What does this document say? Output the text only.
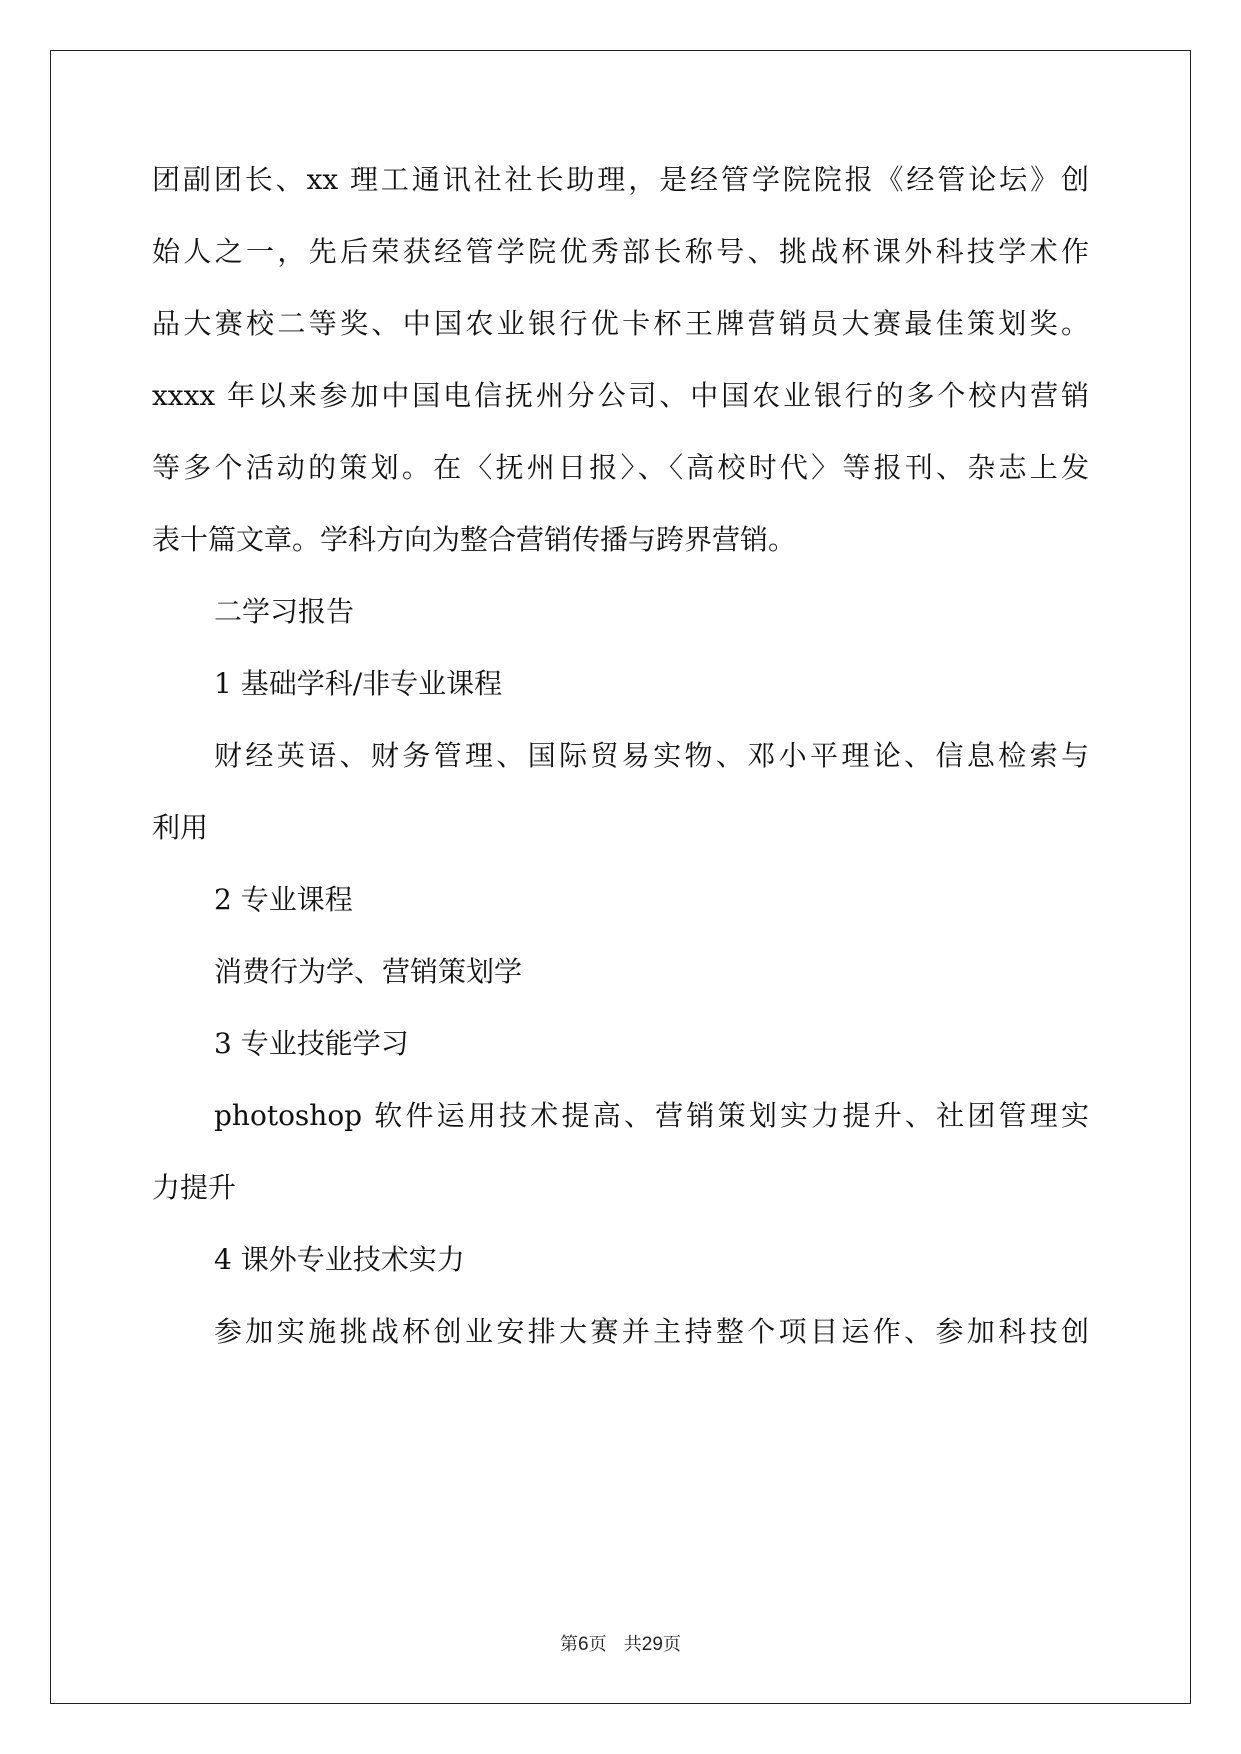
团副团长、xx 理工通讯社社长助理，是经管学院院报《经管论坛》创
始人之一，先后荣获经管学院优秀部长称号、挑战杯课外科技学术作
品大赛校二等奖、中国农业银行优卡杯王牌营销员大赛最佳策划奖。
xxxx 年以来参加中国电信抚州分公司、中国农业银行的多个校内营销
等多个活动的策划。在〈抚州日报〉、〈高校时代〉等报刊、杂志上发
表十篇文章。学科方向为整合营销传播与跨界营销。
二学习报告
1 基础学科/非专业课程
财经英语、财务管理、国际贸易实物、邓小平理论、信息检索与
利用
2 专业课程
消费行为学、营销策划学
3 专业技能学习
photoshop 软件运用技术提高、营销策划实力提升、社团管理实
力提升
4 课外专业技术实力
参加实施挑战杯创业安排大赛并主持整个项目运作、参加科技创
第6页 共29页
